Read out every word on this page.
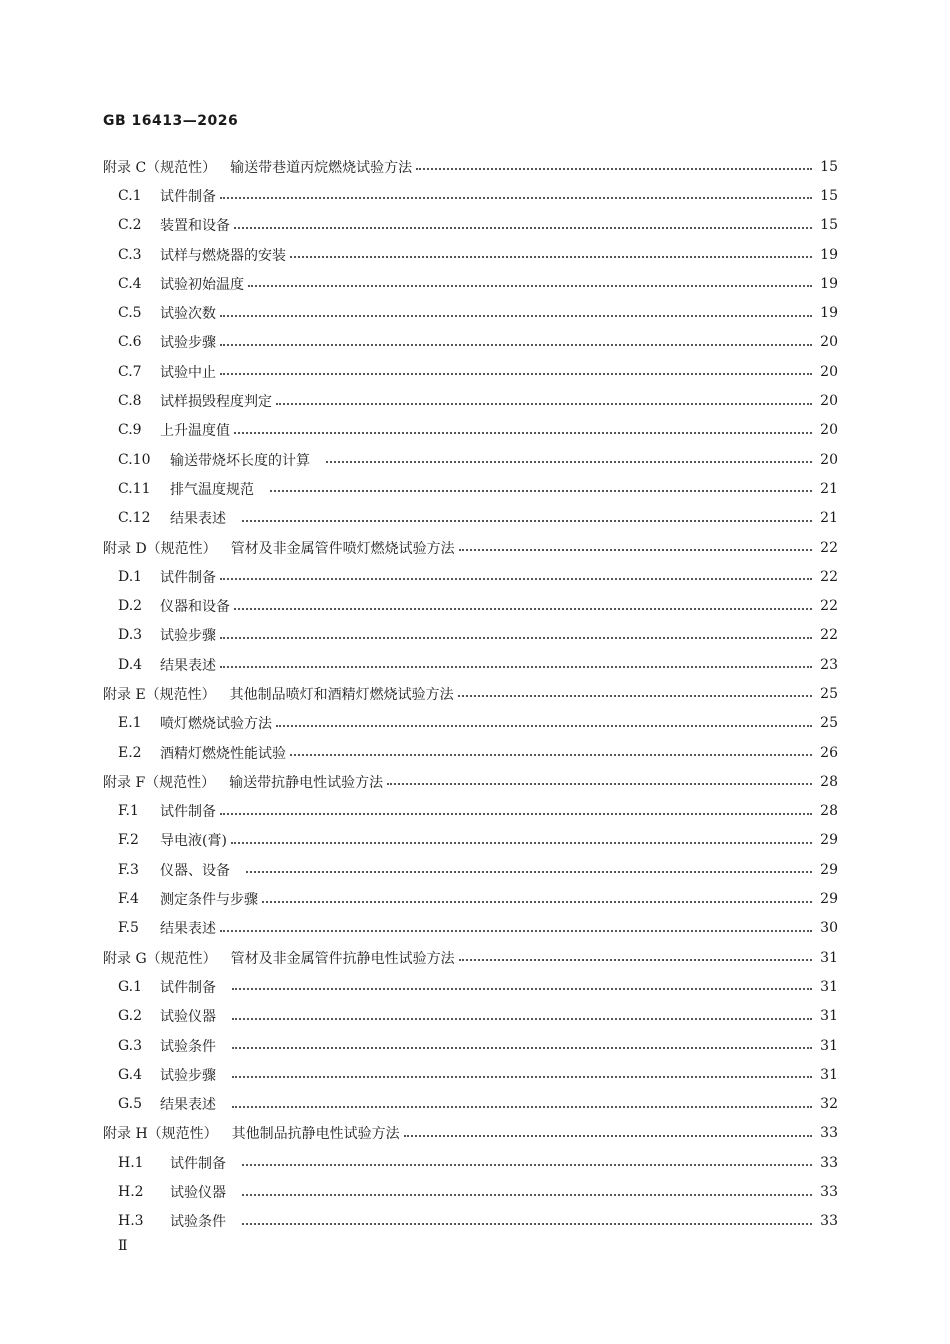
GB 16413—2026
附录 C（规范性） 输送带巷道丙烷燃烧试验方法	15
C.1	试件制备	15
C.2	装置和设备	15
C.3	试样与燃烧器的安装	19
C.4	试验初始温度	19
C.5	试验次数	19
C.6	试验步骤	20
C.7	试验中止	20
C.8	试样损毁程度判定	20
C.9	上升温度值	20
C.10	输送带烧坏长度的计算	20
C.11	排气温度规范	21
C.12	结果表述	21
附录 D（规范性） 管材及非金属管件喷灯燃烧试验方法	22
D.1	试件制备	22
D.2	仪器和设备	22
D.3	试验步骤	22
D.4	结果表述	23
附录 E（规范性） 其他制品喷灯和酒精灯燃烧试验方法	25
E.1	喷灯燃烧试验方法	25
E.2	酒精灯燃烧性能试验	26
附录 F（规范性） 输送带抗静电性试验方法	28
F.1	试件制备	28
F.2	导电液(膏)	29
F.3	仪器、设备	29
F.4	测定条件与步骤	29
F.5	结果表述	30
附录 G（规范性） 管材及非金属管件抗静电性试验方法	31
G.1	试件制备	31
G.2	试验仪器	31
G.3	试验条件	31
G.4	试验步骤	31
G.5	结果表述	32
附录 H（规范性） 其他制品抗静电性试验方法	33
H.1	试件制备	33
H.2	试验仪器	33
H.3	试验条件	33
Ⅱ
